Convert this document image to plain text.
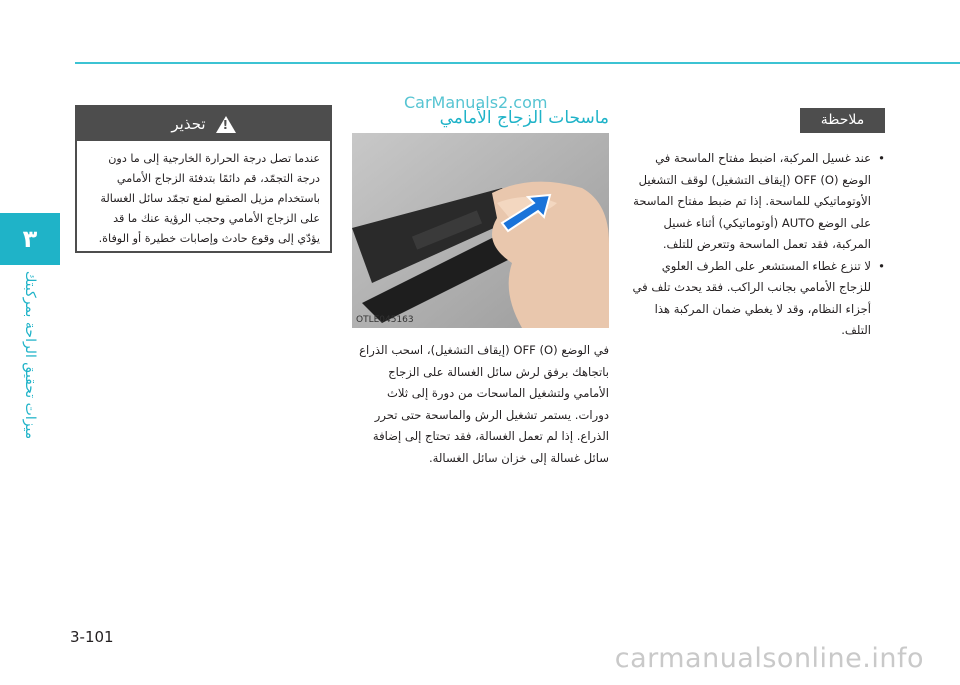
٣
ميزات تحقيق الراحة بمركبتك
تحذير
!
عندما تصل درجة الحرارة الخارجية إلى ما دون درجة التجمّد، قم دائمًا بتدفئة الزجاج الأمامي باستخدام مزيل الصقيع لمنع تجمّد سائل الغسالة على الزجاج الأمامي وحجب الرؤية عنك ما قد يؤدّي إلى وقوع حادث وإصابات خطيرة أو الوفاة.
CarManuals2.com
ماسحات الزجاج الأمامي
OTLE045163
في الوضع OFF (O) (إيقاف التشغيل)، اسحب الذراع باتجاهك برفق لرش سائل الغسالة على الزجاج الأمامي ولتشغيل الماسحات من دورة إلى ثلاث دورات. يستمر تشغيل الرش والماسحة حتى تحرر الذراع. إذا لم تعمل الغسالة، فقد تحتاج إلى إضافة سائل غسالة إلى خزان سائل الغسالة.
ملاحظة
• عند غسيل المركبة، اضبط مفتاح الماسحة في الوضع OFF (O) (إيقاف التشغيل) لوقف التشغيل الأوتوماتيكي للماسحة. إذا تم ضبط مفتاح الماسحة على الوضع AUTO (أوتوماتيكي) أثناء غسيل المركبة، فقد تعمل الماسحة وتتعرض للتلف.
• لا تنزع غطاء المستشعر على الطرف العلوي للزجاج الأمامي بجانب الراكب. فقد يحدث تلف في أجزاء النظام، وقد لا يغطي ضمان المركبة هذا التلف.
3-101
carmanualsonline.info
